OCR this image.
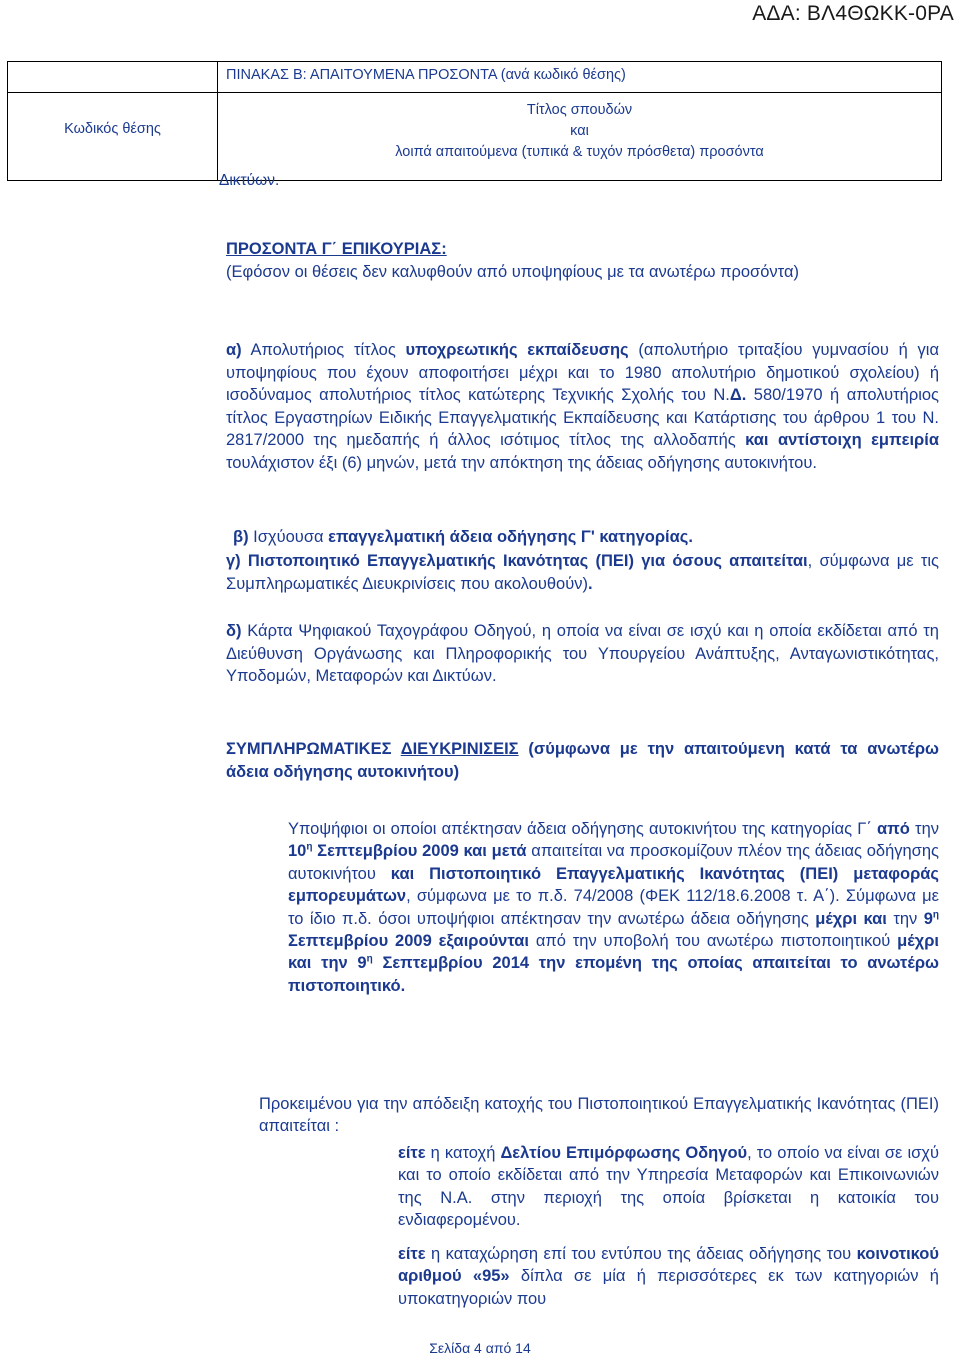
ΑΔΑ: ΒΛ4ΘΩΚΚ-0ΡΑ
ΠΙΝΑΚΑΣ Β: ΑΠΑΙΤΟΥΜΕΝΑ ΠΡΟΣΟΝΤΑ (ανά κωδικό θέσης)
Κωδικός θέσης
Τίτλος σπουδών
και
λοιπά απαιτούμενα (τυπικά & τυχόν πρόσθετα) προσόντα
Δικτύων.
ΠΡΟΣΟΝΤΑ Γ΄ ΕΠΙΚΟΥΡΙΑΣ:
(Εφόσον οι θέσεις δεν καλυφθούν από υποψηφίους με τα ανωτέρω προσόντα)
α) Απολυτήριος τίτλος υποχρεωτικής εκπαίδευσης (απολυτήριο τριταξίου γυμνασίου ή για υποψηφίους που έχουν αποφοιτήσει μέχρι και το 1980 απολυτήριο δημοτικού σχολείου) ή ισοδύναμος απολυτήριος τίτλος κατώτερης Τεχνικής Σχολής του Ν.Δ. 580/1970 ή απολυτήριος τίτλος Εργαστηρίων Ειδικής Επαγγελματικής Εκπαίδευσης και Κατάρτισης του άρθρου 1 του Ν. 2817/2000 της ημεδαπής ή άλλος ισότιμος τίτλος της αλλοδαπής και αντίστοιχη εμπειρία τουλάχιστον έξι (6) μηνών, μετά την απόκτηση της άδειας οδήγησης αυτοκινήτου.
β) Ισχύουσα επαγγελματική άδεια οδήγησης Γ' κατηγορίας.
γ) Πιστοποιητικό Επαγγελματικής Ικανότητας (ΠΕΙ) για όσους απαιτείται, σύμφωνα με τις Συμπληρωματικές Διευκρινίσεις που ακολουθούν).
δ) Κάρτα Ψηφιακού Ταχογράφου Οδηγού, η οποία να είναι σε ισχύ και η οποία εκδίδεται από τη Διεύθυνση Οργάνωσης και Πληροφορικής του Υπουργείου Ανάπτυξης, Ανταγωνιστικότητας, Υποδομών, Μεταφορών και Δικτύων.
ΣΥΜΠΛΗΡΩΜΑΤΙΚΕΣ ΔΙΕΥΚΡΙΝΙΣΕΙΣ (σύμφωνα με την απαιτούμενη κατά τα ανωτέρω άδεια οδήγησης αυτοκινήτου)
Υποψήφιοι οι οποίοι απέκτησαν άδεια οδήγησης αυτοκινήτου της κατηγορίας Γ΄ από την $10^\eta$ Σεπτεμβρίου 2009 και μετά απαιτείται να προσκομίζουν πλέον της άδειας οδήγησης αυτοκινήτου και Πιστοποιητικό Επαγγελματικής Ικανότητας (ΠΕΙ) μεταφοράς εμπορευμάτων, σύμφωνα με το π.δ. 74/2008 (ΦΕΚ 112/18.6.2008 τ. Α΄). Σύμφωνα με το ίδιο π.δ. όσοι υποψήφιοι απέκτησαν την ανωτέρω άδεια οδήγησης μέχρι και την $9^\eta$ Σεπτεμβρίου 2009 εξαιρούνται από την υποβολή του ανωτέρω πιστοποιητικού μέχρι και την $9^\eta$ Σεπτεμβρίου 2014 την επομένη της οποίας απαιτείται το ανωτέρω πιστοποιητικό.
Προκειμένου για την απόδειξη κατοχής του Πιστοποιητικού Επαγγελματικής Ικανότητας (ΠΕΙ) απαιτείται :
είτε η κατοχή Δελτίου Επιμόρφωσης Οδηγού, το οποίο να είναι σε ισχύ και το οποίο εκδίδεται από την Υπηρεσία Μεταφορών και Επικοινωνιών της Ν.Α. στην περιοχή της οποία βρίσκεται η κατοικία του ενδιαφερομένου.
είτε η καταχώρηση επί του εντύπου της άδειας οδήγησης του κοινοτικού αριθμού «95» δίπλα σε μία ή περισσότερες εκ των κατηγοριών ή υποκατηγοριών που
Σελίδα 4 από 14
